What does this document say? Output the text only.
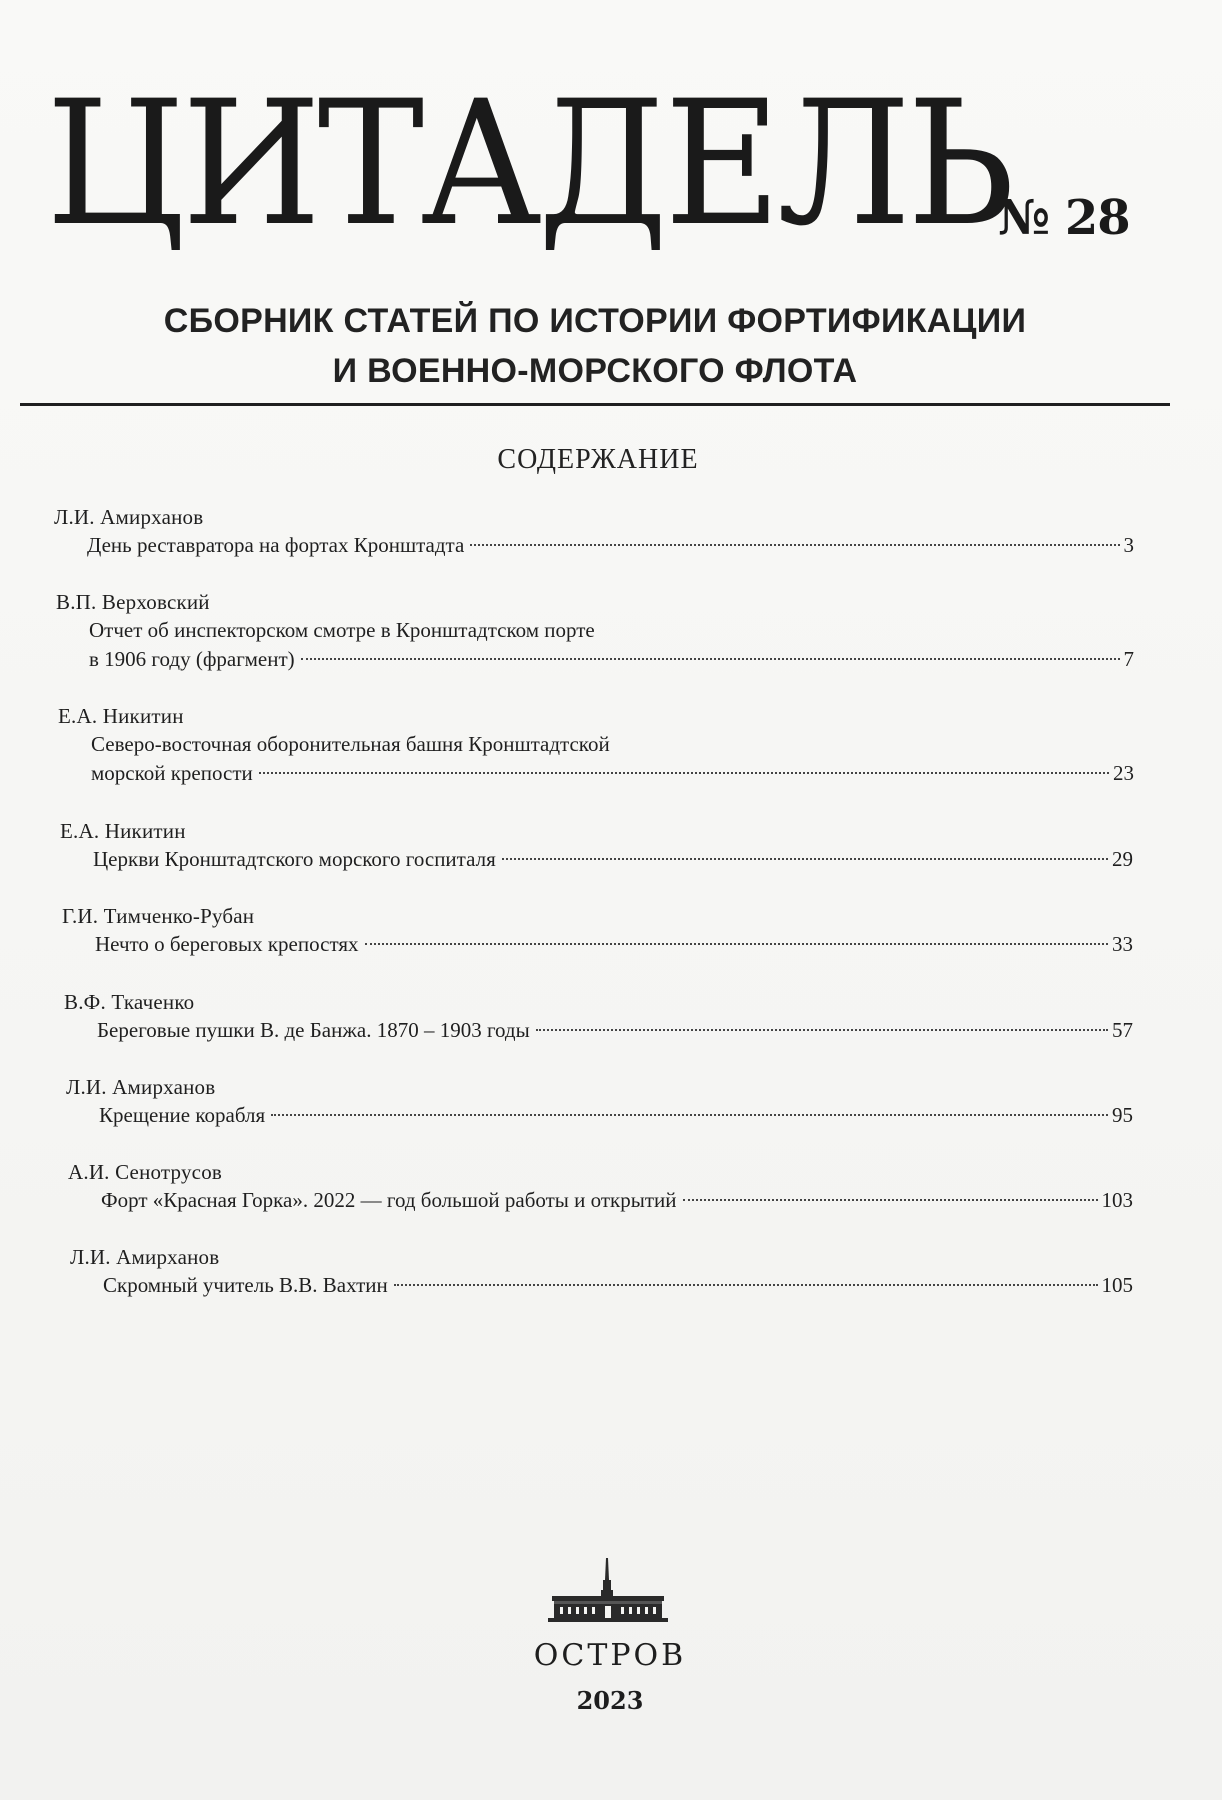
ЦИТАДЕЛЬ
№ 28
СБОРНИК СТАТЕЙ ПО ИСТОРИИ ФОРТИФИКАЦИИ
И ВОЕННО-МОРСКОГО ФЛОТА
СОДЕРЖАНИЕ
Л.И. Амирханов
День реставратора на фортах Кронштадта	3
В.П. Верховский
Отчет об инспекторском смотре в Кронштадтском порте
в 1906 году (фрагмент)	7
Е.А. Никитин
Северо-восточная оборонительная башня Кронштадтской
морской крепости	23
Е.А. Никитин
Церкви Кронштадтского морского госпиталя	29
Г.И. Тимченко-Рубан
Нечто о береговых крепостях	33
В.Ф. Ткаченко
Береговые пушки В. де Банжа. 1870 – 1903 годы	57
Л.И. Амирханов
Крещение корабля	95
А.И. Сенотрусов
Форт «Красная Горка». 2022 — год большой работы и открытий	103
Л.И. Амирханов
Скромный учитель В.В. Вахтин	105
ОСТРОВ
2023
